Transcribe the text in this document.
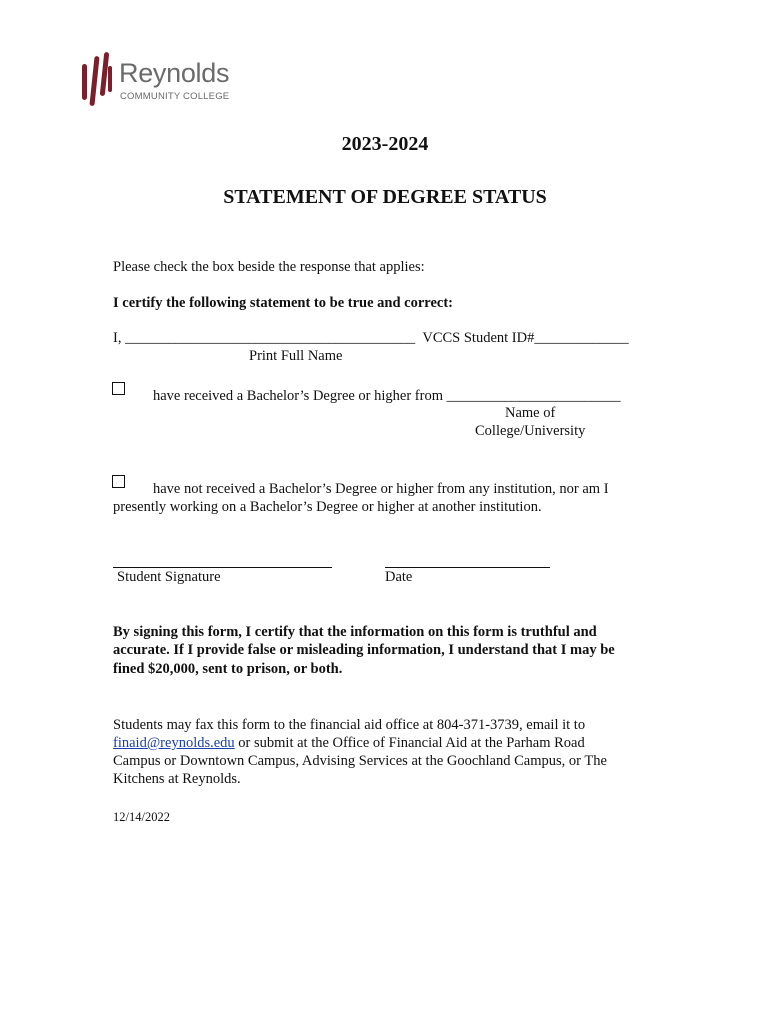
Reynolds
COMMUNITY COLLEGE
2023-2024
STATEMENT OF DEGREE STATUS
Please check the box beside the response that applies:
I certify the following statement to be true and correct:
I, ________________________________________ VCCS Student ID#_____________
Print Full Name
have received a Bachelor’s Degree or higher from ________________________
Name of
College/University
have not received a Bachelor’s Degree or higher from any institution, nor am I
presently working on a Bachelor’s Degree or higher at another institution.
Student Signature	Date
By signing this form, I certify that the information on this form is truthful and
accurate. If I provide false or misleading information, I understand that I may be
fined $20,000, sent to prison, or both.
Students may fax this form to the financial aid office at 804-371-3739, email it to
finaid@reynolds.edu or submit at the Office of Financial Aid at the Parham Road
Campus or Downtown Campus, Advising Services at the Goochland Campus, or The
Kitchens at Reynolds.
12/14/2022
